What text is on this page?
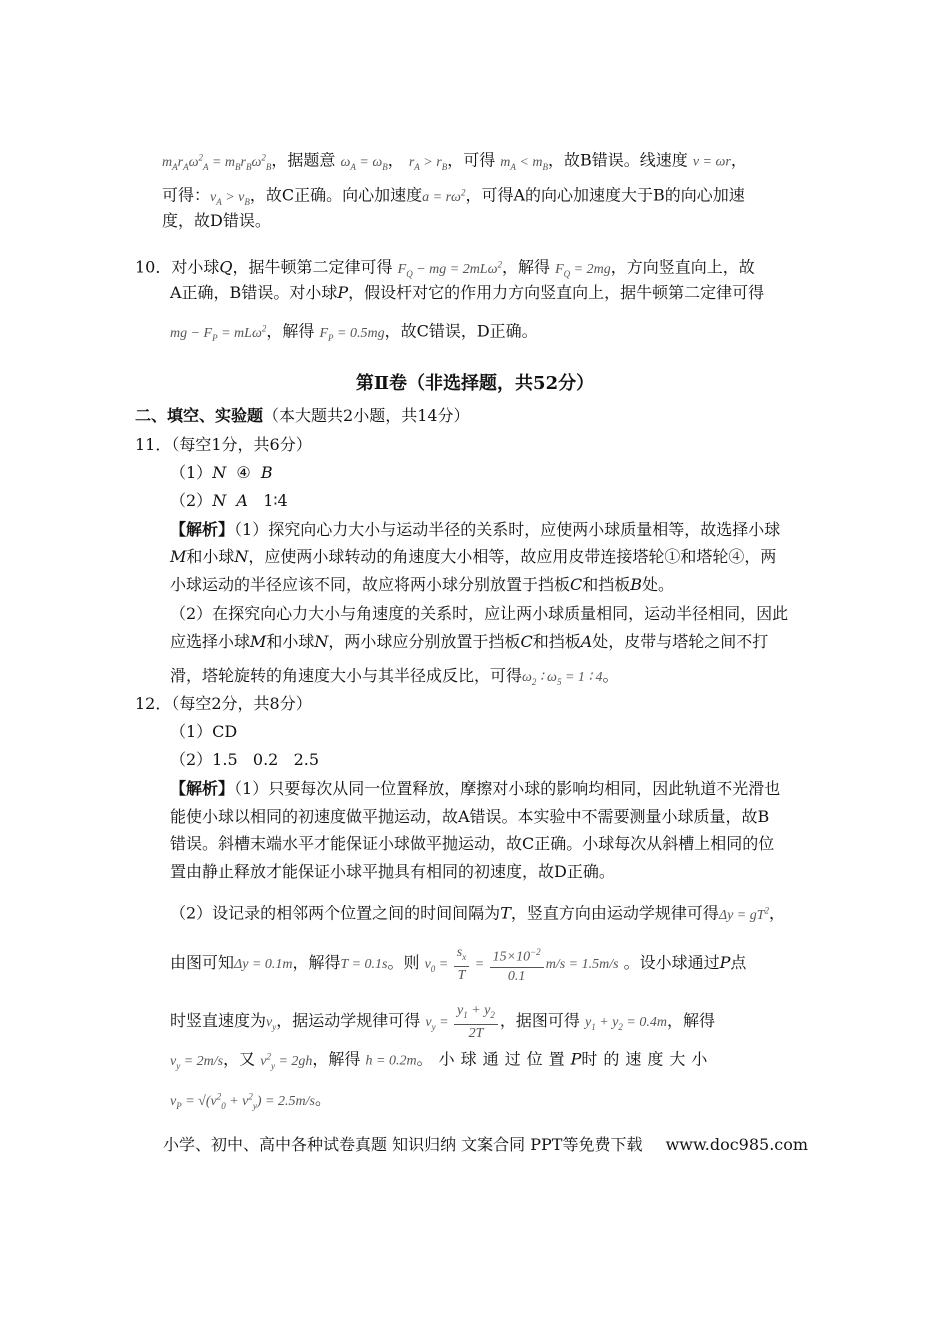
$m_Ar_A\omega^2_A = m_Br_B\omega^2_B$，据题意 $\omega_A = \omega_B$， $r_A > r_B$，可得 $m_A < m_B$，故B错误。线速度 v = ωr，
可得：$v_A > v_B$，故C正确。向心加速度$a = r\omega^2$，可得A的向心加速度大于B的向心加速
度，故D错误。
10．对小球Q，据牛顿第二定律可得 $F_Q$ − mg = 2mLω$^2$，解得 $F_Q = 2mg$，方向竖直向上，故
A正确，B错误。对小球P，假设杆对它的作用力方向竖直向上，据牛顿第二定律可得
mg − $F_P = mL\omega^2$，解得 $F_P = 0.5mg$，故C错误，D正确。
第Ⅱ卷（非选择题，共52分）
二、填空、实验题（本大题共2小题，共14分）
11．（每空1分，共6分）
（1）N ④ B
（2）N A 1∶4
【解析】（1）探究向心力大小与运动半径的关系时，应使两小球质量相等，故选择小球
M和小球N，应使两小球转动的角速度大小相等，故应用皮带连接塔轮①和塔轮④，两
小球运动的半径应该不同，故应将两小球分别放置于挡板C和挡板B处。
（2）在探究向心力大小与角速度的关系时，应让两小球质量相同，运动半径相同，因此
应选择小球M和小球N，两小球应分别放置于挡板C和挡板A处，皮带与塔轮之间不打
滑，塔轮旋转的角速度大小与其半径成反比，可得$\omega_2$ ∶ $\omega_5 = 1$ ∶ 4。
12．（每空2分，共8分）
（1）CD
（2）1.5   0.2   2.5
【解析】（1）只要每次从同一位置释放，摩擦对小球的影响均相同，因此轨道不光滑也
能使小球以相同的初速度做平抛运动，故A错误。本实验中不需要测量小球质量，故B
错误。斜槽末端水平才能保证小球做平抛运动，故C正确。小球每次从斜槽上相同的位
置由静止释放才能保证小球平抛具有相同的初速度，故D正确。
（2）设记录的相邻两个位置之间的时间间隔为T，竖直方向由运动学规律可得$\Delta y = gT^2$，
由图可知Δy = 0.1m，解得T = 0.1s。则 $v_0 = \frac{s_x}{T} = \frac{15\times 10^{-2}}{0.1} m/s = 1.5m/s$ 。设小球通过P点
时竖直速度为$v_y$，据运动学规律可得 $v_y = \frac{y_1 + y_2}{2T}$ ，据图可得 $y_1 + y_2 = 0.4m$，解得
$v_y = 2m/s$，又 $v^2_y = 2gh$，解得 h = 0.2m。小球通过位置P时的速度大小
$v_P = √(v^2_0 + v^2_y) = 2.5m/s$。
小学、初中、高中各种试卷真题 知识归纳 文案合同 PPT等免费下载 www.doc985.com
